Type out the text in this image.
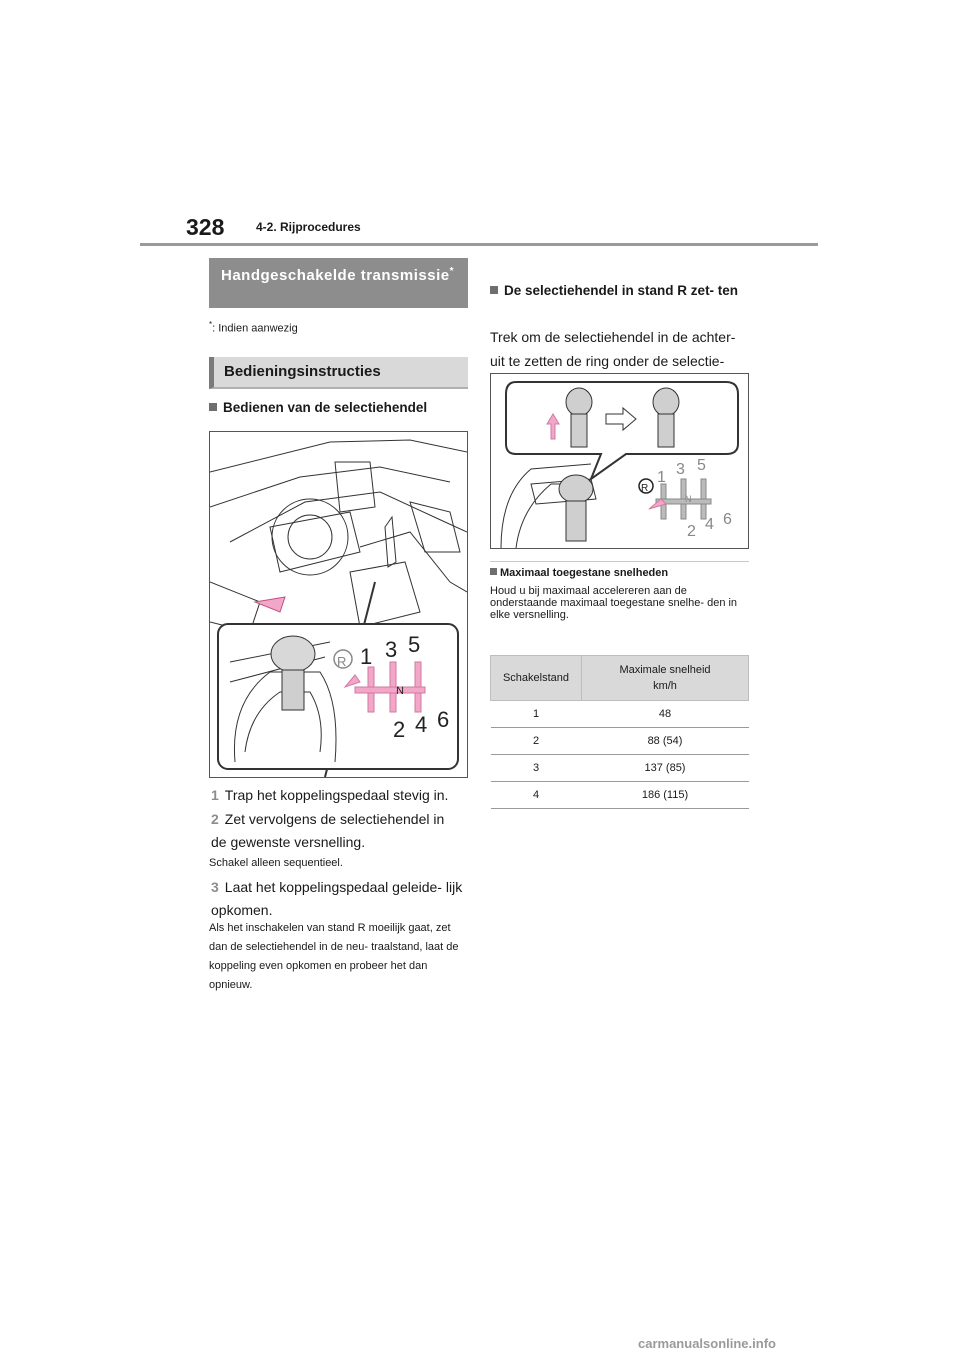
328	4-2. Rijprocedures
Handgeschakelde transmissie*
*: Indien aanwezig
Bedieningsinstructies
Bedienen van de selectiehendel
R 1 3 5
N
2 4 6
1 Trap het koppelingspedaal stevig in.
2 Zet vervolgens de selectiehendel in de gewenste versnelling.
Schakel alleen sequentieel.
3 Laat het koppelingspedaal geleide- lijk opkomen.
Als het inschakelen van stand R moeilijk gaat, zet dan de selectiehendel in de neu- traalstand, laat de koppeling even opkomen en probeer het dan opnieuw.
De selectiehendel in stand R zet- ten
Trek om de selectiehendel in de achter- uit te zetten de ring onder de selectie-
R
1 3 5
N
2 4 6
Maximaal toegestane snelheden
Houd u bij maximaal accelereren aan de onderstaande maximaal toegestane snelhe- den in elke versnelling.
Schakelstand	Maximale snelheid
km/h
1	48
2	88 (54)
3	137 (85)
4	186 (115)
carmanualsonline.info
